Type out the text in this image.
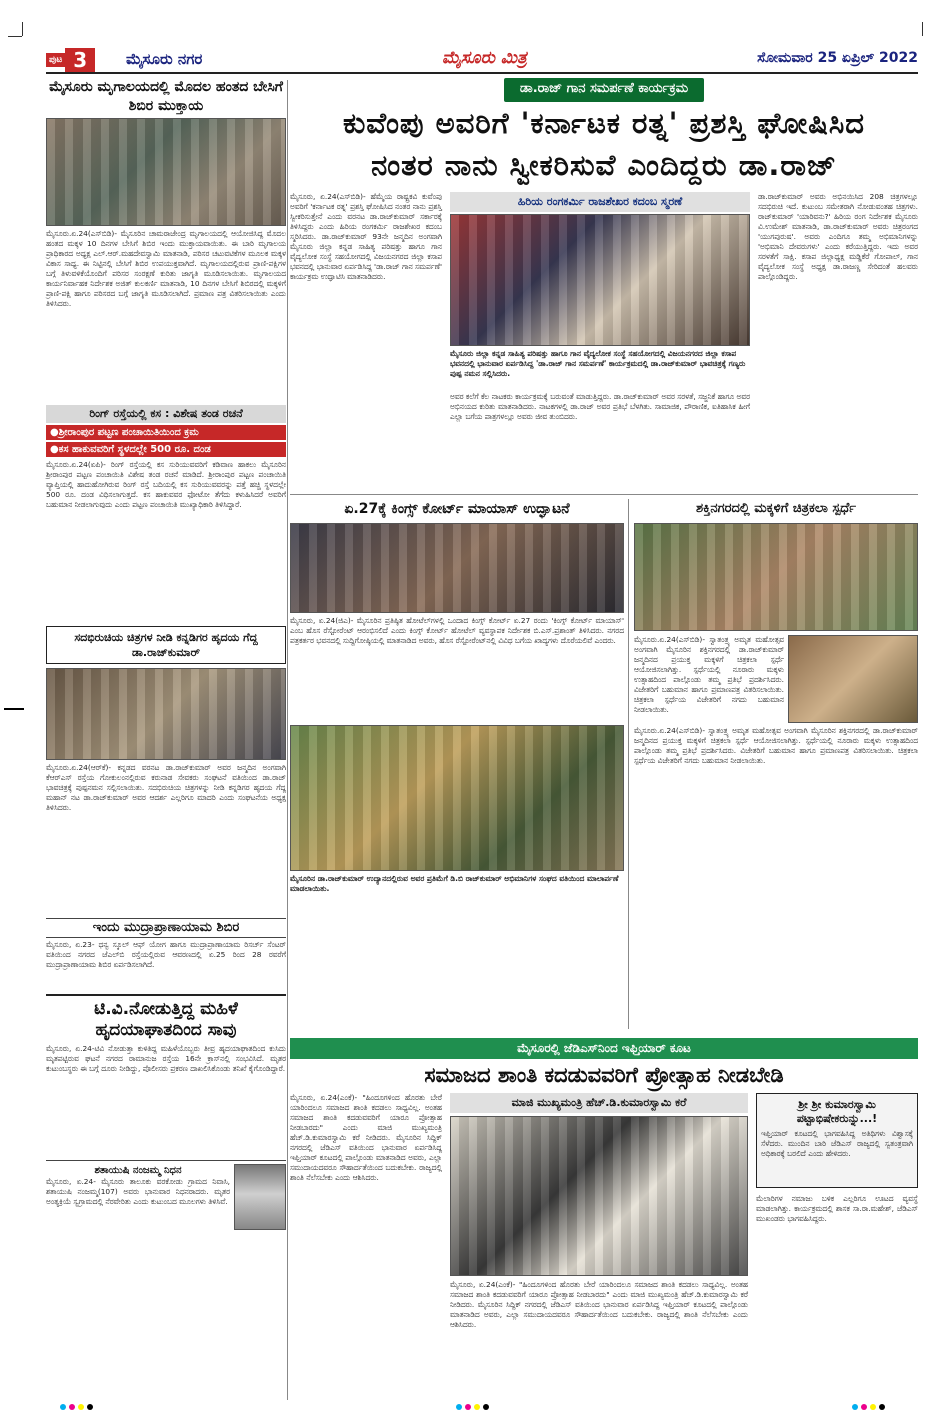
ಪುಟ 3	ಮೈಸೂರು ನಗರ	ಮೈಸೂರು ಮಿತ್ರ	ಸೋಮವಾರ 25 ಏಪ್ರಿಲ್ 2022
ಮೈಸೂರು ಮೃಗಾಲಯದಲ್ಲಿ ಮೊದಲ ಹಂತದ ಬೇಸಿಗೆ ಶಿಬಿರ ಮುಕ್ತಾಯ

ಮೈಸೂರು.ಏ.24(ಎಸ್‌ಬಿಡಿ)- ಮೈಸೂರಿನ ಚಾಮರಾಜೇಂದ್ರ ಮೃಗಾಲಯದಲ್ಲಿ ಆಯೋಜಿಸಿದ್ದ ಮೊದಲ ಹಂತದ ಮಕ್ಕಳ 10 ದಿನಗಳ ಬೇಸಿಗೆ ಶಿಬಿರ ಇಂದು ಮುಕ್ತಾಯವಾಯಿತು. ಈ ಬಾರಿ ಮೃಗಾಲಯ ಪ್ರಾಧಿಕಾರದ ಅಧ್ಯಕ್ಷ ಎಲ್.ಆರ್.ಮಹದೇವಸ್ವಾಮಿ ಮಾತನಾಡಿ, ಪರಿಸರ ಚಟುವಟಿಕೆಗಳ ಮೂಲಕ ಮಕ್ಕಳ ವಿಕಾಸ ಸಾಧ್ಯ. ಈ ನಿಟ್ಟಿನಲ್ಲಿ ಬೇಸಿಗೆ ಶಿಬಿರ ಉಪಯುಕ್ತವಾಗಿದೆ. ಮೃಗಾಲಯದಲ್ಲಿರುವ ಪ್ರಾಣಿ-ಪಕ್ಷಿಗಳ ಬಗ್ಗೆ ತಿಳುವಳಿಕೆಯೊಂದಿಗೆ ಪರಿಸರ ಸಂರಕ್ಷಣೆ ಕುರಿತು ಜಾಗೃತಿ ಮೂಡಿಸಲಾಯಿತು. ಮೃಗಾಲಯದ ಕಾರ್ಯನಿರ್ವಾಹಕ ನಿರ್ದೇಶಕ ಅಜಿತ್ ಕುಲಕರ್ಣಿ ಮಾತನಾಡಿ, 10 ದಿನಗಳ ಬೇಸಿಗೆ ಶಿಬಿರದಲ್ಲಿ ಮಕ್ಕಳಿಗೆ ಪ್ರಾಣಿ-ಪಕ್ಷಿ ಹಾಗೂ ಪರಿಸರದ ಬಗ್ಗೆ ಜಾಗೃತಿ ಮೂಡಿಸಲಾಗಿದೆ. ಪ್ರಮಾಣ ಪತ್ರ ವಿತರಿಸಲಾಯಿತು ಎಂದು ತಿಳಿಸಿದರು.

ರಿಂಗ್ ರಸ್ತೆಯಲ್ಲಿ ಕಸ : ವಿಶೇಷ ತಂಡ ರಚನೆ
●ಶ್ರೀರಾಂಪುರ ಪಟ್ಟಣ ಪಂಚಾಯಿತಿಯಿಂದ ಕ್ರಮ
●ಕಸ ಹಾಕುವವರಿಗೆ ಸ್ಥಳದಲ್ಲೇ 500 ರೂ. ದಂಡ

ಮೈಸೂರು.ಏ.24(ಏಪಿ)- ರಿಂಗ್ ರಸ್ತೆಯಲ್ಲಿ ಕಸ ಸುರಿಯುವವರಿಗೆ ಕಡಿವಾಣ ಹಾಕಲು ಮೈಸೂರಿನ ಶ್ರೀರಾಂಪುರ ಪಟ್ಟಣ ಪಂಚಾಯಿತಿ ವಿಶೇಷ ತಂಡ ರಚನೆ ಮಾಡಿದೆ. ಶ್ರೀರಾಂಪುರ ಪಟ್ಟಣ ಪಂಚಾಯಿತಿ ವ್ಯಾಪ್ತಿಯಲ್ಲಿ ಹಾದುಹೋಗಿರುವ ರಿಂಗ್ ರಸ್ತೆ ಬದಿಯಲ್ಲಿ ಕಸ ಸುರಿಯುವವರನ್ನು ಪತ್ತೆ ಹಚ್ಚಿ ಸ್ಥಳದಲ್ಲೇ 500 ರೂ. ದಂಡ ವಿಧಿಸಲಾಗುತ್ತದೆ. ಕಸ ಹಾಕುವವರ ಫೋಟೋ ತೆಗೆದು ಕಳುಹಿಸಿದರೆ ಅವರಿಗೆ ಬಹುಮಾನ ನೀಡಲಾಗುವುದು ಎಂದು ಪಟ್ಟಣ ಪಂಚಾಯಿತಿ ಮುಖ್ಯಾಧಿಕಾರಿ ತಿಳಿಸಿದ್ದಾರೆ.

ಸದಭಿರುಚಿಯ ಚಿತ್ರಗಳ ನೀಡಿ ಕನ್ನಡಿಗರ ಹೃದಯ ಗೆದ್ದ ಡಾ.ರಾಜ್‌ಕುಮಾರ್

ಮೈಸೂರು.ಏ.24(ಆರ್‌ಕೆ)- ಕನ್ನಡದ ವರನಟ ಡಾ.ರಾಜ್‌ಕುಮಾರ್ ಅವರ ಜನ್ಮದಿನ ಅಂಗವಾಗಿ ಕೆಆರ್‌ಎಸ್ ರಸ್ತೆಯ ಗೋಕುಲಂನಲ್ಲಿರುವ ಕರುನಾಡ ಸೇವಕರು ಸಂಘಟನೆ ವತಿಯಿಂದ ಡಾ.ರಾಜ್ ಭಾವಚಿತ್ರಕ್ಕೆ ಪುಷ್ಪನಮನ ಸಲ್ಲಿಸಲಾಯಿತು. ಸದಭಿರುಚಿಯ ಚಿತ್ರಗಳನ್ನು ನೀಡಿ ಕನ್ನಡಿಗರ ಹೃದಯ ಗೆದ್ದ ಮಹಾನ್ ನಟ ಡಾ.ರಾಜ್‌ಕುಮಾರ್ ಅವರ ಆದರ್ಶ ಎಲ್ಲರಿಗೂ ಮಾದರಿ ಎಂದು ಸಂಘಟನೆಯ ಅಧ್ಯಕ್ಷ ತಿಳಿಸಿದರು.

ಇಂದು ಮುದ್ರಾಪ್ರಾಣಾಯಾಮ ಶಿಬಿರ

ಮೈಸೂರು, ಏ.23- ಧನ್ವ ಸ್ಕೂಲ್ ಆಫ್ ಯೋಗ ಹಾಗೂ ಮುದ್ರಾಪ್ರಾಣಾಯಾಮ ರಿಸರ್ಚ್ ಸೆಂಟರ್ ವತಿಯಿಂದ ನಗರದ ಜೆಎಲ್‌ಬಿ ರಸ್ತೆಯಲ್ಲಿರುವ ಆವರಣದಲ್ಲಿ ಏ.25 ರಿಂದ 28 ರವರೆಗೆ ಮುದ್ರಾಪ್ರಾಣಾಯಾಮ ಶಿಬಿರ ಏರ್ಪಡಿಸಲಾಗಿದೆ.

ಟಿ.ವಿ.ನೋಡುತ್ತಿದ್ದ ಮಹಿಳೆ ಹೃದಯಾಘಾತದಿಂದ ಸಾವು

ಮೈಸೂರು, ಏ.24-ಟಿವಿ ನೋಡುತ್ತಾ ಕುಳಿತಿದ್ದ ಮಹಿಳೆಯೊಬ್ಬರು ತೀವ್ರ ಹೃದಯಾಘಾತದಿಂದ ಕುಸಿದು ಮೃತಪಟ್ಟಿರುವ ಘಟನೆ ನಗರದ ರಾಮಾನುಜ ರಸ್ತೆಯ 16ನೇ ಕ್ರಾಸ್‌ನಲ್ಲಿ ಸಂಭವಿಸಿದೆ. ಮೃತರ ಕುಟುಂಬಸ್ಥರು ಈ ಬಗ್ಗೆ ದೂರು ನೀಡಿದ್ದು, ಪೊಲೀಸರು ಪ್ರಕರಣ ದಾಖಲಿಸಿಕೊಂಡು ತನಿಖೆ ಕೈಗೊಂಡಿದ್ದಾರೆ.

ಶತಾಯುಷಿ ನಂಜಮ್ಮ ನಿಧನ

ಮೈಸೂರು, ಏ.24- ಮೈಸೂರು ತಾಲೂಕು ವರಕೋಡು ಗ್ರಾಮದ ನಿವಾಸಿ, ಶತಾಯುಷಿ ನಂಜಮ್ಮ(107) ಅವರು ಭಾನುವಾರ ನಿಧನರಾದರು. ಮೃತರ ಅಂತ್ಯಕ್ರಿಯೆ ಸ್ವಗ್ರಾಮದಲ್ಲಿ ನೆರವೇರಿತು ಎಂದು ಕುಟುಂಬದ ಮೂಲಗಳು ತಿಳಿಸಿವೆ.

ಡಾ.ರಾಜ್ ಗಾನ ಸಮರ್ಪಣೆ ಕಾರ್ಯಕ್ರಮ
ಕುವೆಂಪು ಅವರಿಗೆ 'ಕರ್ನಾಟಕ ರತ್ನ' ಪ್ರಶಸ್ತಿ ಘೋಷಿಸಿದ
ನಂತರ ನಾನು ಸ್ವೀಕರಿಸುವೆ ಎಂದಿದ್ದರು ಡಾ.ರಾಜ್

ಮೈಸೂರು, ಏ.24(ಎಸ್‌ಬಿಡಿ)- ಹೆಮ್ಮೆಯ ರಾಷ್ಟ್ರಕವಿ ಕುವೆಂಪು ಅವರಿಗೆ 'ಕರ್ನಾಟಕ ರತ್ನ' ಪ್ರಶಸ್ತಿ ಘೋಷಿಸಿದ ನಂತರ ನಾನು ಪ್ರಶಸ್ತಿ ಸ್ವೀಕರಿಸುತ್ತೇನೆ ಎಂದು ವರನಟ ಡಾ.ರಾಜ್‌ಕುಮಾರ್ ಸರ್ಕಾರಕ್ಕೆ ತಿಳಿಸಿದ್ದರು ಎಂದು ಹಿರಿಯ ರಂಗಕರ್ಮಿ ರಾಜಶೇಖರ ಕದಂಬ ಸ್ಮರಿಸಿದರು. ಡಾ.ರಾಜ್‌ಕುಮಾರ್ 93ನೇ ಜನ್ಮದಿನ ಅಂಗವಾಗಿ ಮೈಸೂರು ಜಿಲ್ಲಾ ಕನ್ನಡ ಸಾಹಿತ್ಯ ಪರಿಷತ್ತು ಹಾಗೂ ಗಾನ ವೈದ್ಯಲೋಕ ಸಂಸ್ಥೆ ಸಹಯೋಗದಲ್ಲಿ ವಿಜಯನಗರದ ಜಿಲ್ಲಾ ಕಸಾಪ ಭವನದಲ್ಲಿ ಭಾನುವಾರ ಏರ್ಪಡಿಸಿದ್ದ 'ಡಾ.ರಾಜ್ ಗಾನ ಸಮರ್ಪಣೆ' ಕಾರ್ಯಕ್ರಮ ಉದ್ಘಾಟಿಸಿ ಮಾತನಾಡಿದರು.

ಹಿರಿಯ ರಂಗಕರ್ಮಿ ರಾಜಶೇಖರ ಕದಂಬ ಸ್ಮರಣೆ

ಮೈಸೂರು ಜಿಲ್ಲಾ ಕನ್ನಡ ಸಾಹಿತ್ಯ ಪರಿಷತ್ತು ಹಾಗೂ ಗಾನ ವೈದ್ಯಲೋಕ ಸಂಸ್ಥೆ ಸಹಯೋಗದಲ್ಲಿ ವಿಜಯನಗರದ ಜಿಲ್ಲಾ ಕಸಾಪ ಭವನದಲ್ಲಿ ಭಾನುವಾರ ಏರ್ಪಡಿಸಿದ್ದ 'ಡಾ.ರಾಜ್ ಗಾನ ಸಮರ್ಪಣೆ' ಕಾರ್ಯಕ್ರಮದಲ್ಲಿ ಡಾ.ರಾಜ್‌ಕುಮಾರ್ ಭಾವಚಿತ್ರಕ್ಕೆ ಗಣ್ಯರು ಪುಷ್ಪ ನಮನ ಸಲ್ಲಿಸಿದರು.

ಅವರ ಕಲೆಗೆ ಕೆಲ ನಾಟಕರು ಕಾರ್ಯಕ್ರಮಕ್ಕೆ ಬರುವಂತೆ ಮಾಡುತ್ತಿದ್ದರು. ಡಾ.ರಾಜ್‌ಕುಮಾರ್ ಅವರ ಸರಳತೆ, ಸಜ್ಜನಿಕೆ ಹಾಗೂ ಅವರ ಅಭಿನಯದ ಕುರಿತು ಮಾತನಾಡಿದರು. ನಾಟಕಗಳಲ್ಲಿ ಡಾ.ರಾಜ್ ಅವರ ಪ್ರತಿಭೆ ಬೆಳಗಿತು. ಸಾಮಾಜಿಕ, ಪೌರಾಣಿಕ, ಐತಿಹಾಸಿಕ ಹೀಗೆ ಎಲ್ಲಾ ಬಗೆಯ ಪಾತ್ರಗಳಲ್ಲೂ ಅವರು ಜೀವ ತುಂಬಿದರು.

ಡಾ.ರಾಜ್‌ಕುಮಾರ್ ಅವರು ಅಭಿನಯಿಸಿದ 208 ಚಿತ್ರಗಳಲ್ಲೂ ಸದಭಿರುಚಿ ಇದೆ. ಕುಟುಂಬ ಸಮೇತರಾಗಿ ನೋಡುವಂತಹ ಚಿತ್ರಗಳು. ರಾಜ್‌ಕುಮಾರ್ 'ಯಾರಿವನು?' ಹಿರಿಯ ರಂಗ ನಿರ್ದೇಶಕ ಮೈಸೂರು ವಿ.ಉಮೇಶ್ ಮಾತನಾಡಿ, ಡಾ.ರಾಜ್‌ಕುಮಾರ್ ಅವರು ಚಿತ್ರರಂಗದ 'ಯುಗಪುರುಷ'. ಅವರು ಎಂದಿಗೂ ತಮ್ಮ ಅಭಿಮಾನಿಗಳನ್ನು 'ಅಭಿಮಾನಿ ದೇವರುಗಳು' ಎಂದು ಕರೆಯುತ್ತಿದ್ದರು. ಇದು ಅವರ ಸರಳತೆಗೆ ಸಾಕ್ಷಿ. ಕಸಾಪ ಜಿಲ್ಲಾಧ್ಯಕ್ಷ ಮಡ್ಡಿಕೆರೆ ಗೋಪಾಲ್, ಗಾನ ವೈದ್ಯಲೋಕ ಸಂಸ್ಥೆ ಅಧ್ಯಕ್ಷ ಡಾ.ರಾಜಣ್ಣ ಸೇರಿದಂತೆ ಹಲವರು ಪಾಲ್ಗೊಂಡಿದ್ದರು.

ಏ.27ಕ್ಕೆ ಕಿಂಗ್ಸ್ ಕೋರ್ಟ್ ಮಾಯಾಸ್ ಉದ್ಘಾಟನೆ

ಮೈಸೂರು, ಏ.24(ಜಿಎ)- ಮೈಸೂರಿನ ಪ್ರತಿಷ್ಠಿತ ಹೋಟೆಲ್‌ಗಳಲ್ಲಿ ಒಂದಾದ ಕಿಂಗ್ಸ್ ಕೋರ್ಟ್ ಏ.27 ರಂದು 'ಕಿಂಗ್ಸ್ ಕೋರ್ಟ್ ಮಾಯಾಸ್' ಎಂಬ ಹೊಸ ರೆಸ್ಟೋರೆಂಟ್ ಆರಂಭಿಸಲಿದೆ ಎಂದು ಕಿಂಗ್ಸ್ ಕೋರ್ಟ್ ಹೋಟೆಲ್ ವ್ಯವಸ್ಥಾಪಕ ನಿರ್ದೇಶಕ ಬಿ.ಎಸ್.ಪ್ರಶಾಂತ್ ತಿಳಿಸಿದರು. ನಗರದ ಪತ್ರಕರ್ತರ ಭವನದಲ್ಲಿ ಸುದ್ದಿಗೋಷ್ಠಿಯಲ್ಲಿ ಮಾತನಾಡಿದ ಅವರು, ಹೊಸ ರೆಸ್ಟೋರೆಂಟ್‌ನಲ್ಲಿ ವಿವಿಧ ಬಗೆಯ ಖಾದ್ಯಗಳು ದೊರೆಯಲಿವೆ ಎಂದರು.

ಮೈಸೂರಿನ ಡಾ.ರಾಜ್‌ಕುಮಾರ್ ಉದ್ಯಾನದಲ್ಲಿರುವ ಅವರ ಪ್ರತಿಮೆಗೆ ಡಿ.ಬಿ ರಾಜ್‌ಕುಮಾರ್ ಅಭಿಮಾನಿಗಳ ಸಂಘದ ವತಿಯಿಂದ ಮಾಲಾರ್ಪಣೆ ಮಾಡಲಾಯಿತು.

ಶಕ್ತಿನಗರದಲ್ಲಿ ಮಕ್ಕಳಿಗೆ ಚಿತ್ರಕಲಾ ಸ್ಪರ್ಧೆ

ಮೈಸೂರು.ಏ.24(ಎಸ್‌ಬಿಡಿ)- ಸ್ವಾತಂತ್ರ್ಯ ಅಮೃತ ಮಹೋತ್ಸವ ಅಂಗವಾಗಿ ಮೈಸೂರಿನ ಶಕ್ತಿನಗರದಲ್ಲಿ ಡಾ.ರಾಜ್‌ಕುಮಾರ್ ಜನ್ಮದಿನದ ಪ್ರಯುಕ್ತ ಮಕ್ಕಳಿಗೆ ಚಿತ್ರಕಲಾ ಸ್ಪರ್ಧೆ ಆಯೋಜಿಸಲಾಗಿತ್ತು. ಸ್ಪರ್ಧೆಯಲ್ಲಿ ನೂರಾರು ಮಕ್ಕಳು ಉತ್ಸಾಹದಿಂದ ಪಾಲ್ಗೊಂಡು ತಮ್ಮ ಪ್ರತಿಭೆ ಪ್ರದರ್ಶಿಸಿದರು. ವಿಜೇತರಿಗೆ ಬಹುಮಾನ ಹಾಗೂ ಪ್ರಮಾಣಪತ್ರ ವಿತರಿಸಲಾಯಿತು. ಚಿತ್ರಕಲಾ ಸ್ಪರ್ಧೆಯ ವಿಜೇತರಿಗೆ ನಗದು ಬಹುಮಾನ ನೀಡಲಾಯಿತು.

ಮೈಸೂರು.ಏ.24(ಎಸ್‌ಬಿಡಿ)- ಸ್ವಾತಂತ್ರ್ಯ ಅಮೃತ ಮಹೋತ್ಸವ ಅಂಗವಾಗಿ ಮೈಸೂರಿನ ಶಕ್ತಿನಗರದಲ್ಲಿ ಡಾ.ರಾಜ್‌ಕುಮಾರ್ ಜನ್ಮದಿನದ ಪ್ರಯುಕ್ತ ಮಕ್ಕಳಿಗೆ ಚಿತ್ರಕಲಾ ಸ್ಪರ್ಧೆ ಆಯೋಜಿಸಲಾಗಿತ್ತು. ಸ್ಪರ್ಧೆಯಲ್ಲಿ ನೂರಾರು ಮಕ್ಕಳು ಉತ್ಸಾಹದಿಂದ ಪಾಲ್ಗೊಂಡು ತಮ್ಮ ಪ್ರತಿಭೆ ಪ್ರದರ್ಶಿಸಿದರು. ವಿಜೇತರಿಗೆ ಬಹುಮಾನ ಹಾಗೂ ಪ್ರಮಾಣಪತ್ರ ವಿತರಿಸಲಾಯಿತು. ಚಿತ್ರಕಲಾ ಸ್ಪರ್ಧೆಯ ವಿಜೇತರಿಗೆ ನಗದು ಬಹುಮಾನ ನೀಡಲಾಯಿತು.

ಮೈಸೂರಲ್ಲಿ ಜೆಡಿಎಸ್‌ನಿಂದ ಇಫ್ತಿಯಾರ್ ಕೂಟ
ಸಮಾಜದ ಶಾಂತಿ ಕದಡುವವರಿಗೆ ಪ್ರೋತ್ಸಾಹ ನೀಡಬೇಡಿ

ಮೈಸೂರು, ಏ.24(ಎಂಕೆ)- "ಹಿಂದೂಗಳಿಂದ ಹೊರತು ಬೇರೆ ಯಾರಿಂದಲೂ ಸಮಾಜದ ಶಾಂತಿ ಕದಡಲು ಸಾಧ್ಯವಿಲ್ಲ. ಅಂತಹ ಸಮಾಜದ ಶಾಂತಿ ಕದಡುವವರಿಗೆ ಯಾರೂ ಪ್ರೋತ್ಸಾಹ ನೀಡಬಾರದು" ಎಂದು ಮಾಜಿ ಮುಖ್ಯಮಂತ್ರಿ ಹೆಚ್.ಡಿ.ಕುಮಾರಸ್ವಾಮಿ ಕರೆ ನೀಡಿದರು. ಮೈಸೂರಿನ ಸಿದ್ದಿಕ್ ನಗರದಲ್ಲಿ ಜೆಡಿಎಸ್ ವತಿಯಿಂದ ಭಾನುವಾರ ಏರ್ಪಡಿಸಿದ್ದ ಇಫ್ತಿಯಾರ್ ಕೂಟದಲ್ಲಿ ಪಾಲ್ಗೊಂಡು ಮಾತನಾಡಿದ ಅವರು, ಎಲ್ಲಾ ಸಮುದಾಯದವರೂ ಸೌಹಾರ್ದತೆಯಿಂದ ಬದುಕಬೇಕು. ರಾಜ್ಯದಲ್ಲಿ ಶಾಂತಿ ನೆಲೆಸಬೇಕು ಎಂದು ಆಶಿಸಿದರು.

ಮಾಜಿ ಮುಖ್ಯಮಂತ್ರಿ ಹೆಚ್.ಡಿ.ಕುಮಾರಸ್ವಾಮಿ ಕರೆ

ಮೈಸೂರು, ಏ.24(ಎಂಕೆ)- "ಹಿಂದೂಗಳಿಂದ ಹೊರತು ಬೇರೆ ಯಾರಿಂದಲೂ ಸಮಾಜದ ಶಾಂತಿ ಕದಡಲು ಸಾಧ್ಯವಿಲ್ಲ. ಅಂತಹ ಸಮಾಜದ ಶಾಂತಿ ಕದಡುವವರಿಗೆ ಯಾರೂ ಪ್ರೋತ್ಸಾಹ ನೀಡಬಾರದು" ಎಂದು ಮಾಜಿ ಮುಖ್ಯಮಂತ್ರಿ ಹೆಚ್.ಡಿ.ಕುಮಾರಸ್ವಾಮಿ ಕರೆ ನೀಡಿದರು. ಮೈಸೂರಿನ ಸಿದ್ದಿಕ್ ನಗರದಲ್ಲಿ ಜೆಡಿಎಸ್ ವತಿಯಿಂದ ಭಾನುವಾರ ಏರ್ಪಡಿಸಿದ್ದ ಇಫ್ತಿಯಾರ್ ಕೂಟದಲ್ಲಿ ಪಾಲ್ಗೊಂಡು ಮಾತನಾಡಿದ ಅವರು, ಎಲ್ಲಾ ಸಮುದಾಯದವರೂ ಸೌಹಾರ್ದತೆಯಿಂದ ಬದುಕಬೇಕು. ರಾಜ್ಯದಲ್ಲಿ ಶಾಂತಿ ನೆಲೆಸಬೇಕು ಎಂದು ಆಶಿಸಿದರು.

ಶ್ರೀ ಶ್ರೀ ಕುಮಾರಸ್ವಾಮಿ ಪಟ್ಟಾಭಿಷೇಕರುನ್ನು...!

ಇಫ್ತಿಯಾರ್ ಕೂಟದಲ್ಲಿ ಭಾಗವಹಿಸಿದ್ದ ಅತಿಥಿಗಳು ವಿಶ್ವಾಸಕ್ಕೆ ಸೆಳೆದರು. ಮುಂದಿನ ಬಾರಿ ಜೆಡಿಎಸ್ ರಾಜ್ಯದಲ್ಲಿ ಸ್ವತಂತ್ರವಾಗಿ ಅಧಿಕಾರಕ್ಕೆ ಬರಲಿದೆ ಎಂದು ಹೇಳಿದರು.

ಮೆಲಾರಿಗಳ ನಮಾಜು ಬಳಿಕ ಎಲ್ಲರಿಗೂ ಊಟದ ವ್ಯವಸ್ಥೆ ಮಾಡಲಾಗಿತ್ತು. ಕಾರ್ಯಕ್ರಮದಲ್ಲಿ ಶಾಸಕ ಸಾ.ರಾ.ಮಹೇಶ್, ಜೆಡಿಎಸ್ ಮುಖಂಡರು ಭಾಗವಹಿಸಿದ್ದರು.
